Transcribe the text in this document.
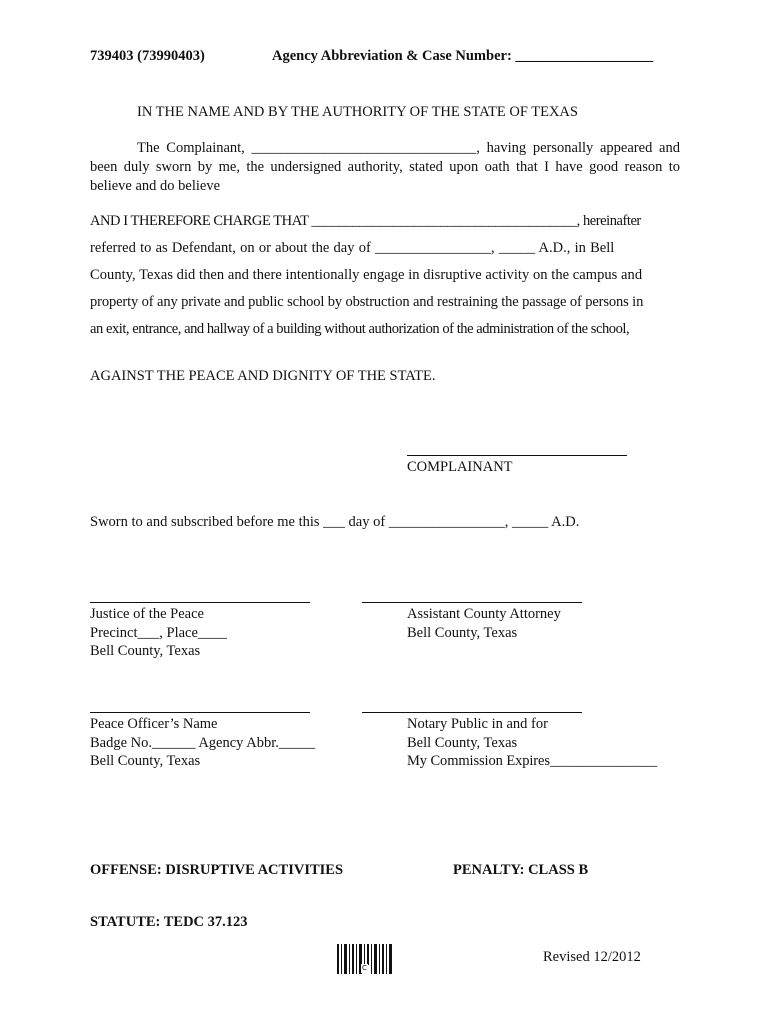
739403 (73990403)	Agency Abbreviation & Case Number: ___________________
IN THE NAME AND BY THE AUTHORITY OF THE STATE OF TEXAS
The Complainant, _______________________________, having personally appeared and been duly sworn by me, the undersigned authority, stated upon oath that I have good reason to believe and do believe
AND I THEREFORE CHARGE THAT _______________________________________, hereinafter
referred to as Defendant, on or about the day of ________________, _____ A.D., in Bell
County, Texas did then and there intentionally engage in disruptive activity on the campus and
property of any private and public school by obstruction and restraining the passage of persons in
an exit, entrance, and hallway of a building without authorization of the administration of the school,
AGAINST THE PEACE AND DIGNITY OF THE STATE.
COMPLAINANT
Sworn to and subscribed before me this ___ day of ________________, _____ A.D.
Justice of the Peace
Precinct___, Place____
Bell County, Texas
Assistant County Attorney
Bell County, Texas
Peace Officer’s Name
Badge No.______ Agency Abbr._____
Bell County, Texas
Notary Public in and for
Bell County, Texas
My Commission Expires_______________
OFFENSE: DISRUPTIVE ACTIVITIES	PENALTY: CLASS B
STATUTE: TEDC 37.123
C
Revised 12/2012
